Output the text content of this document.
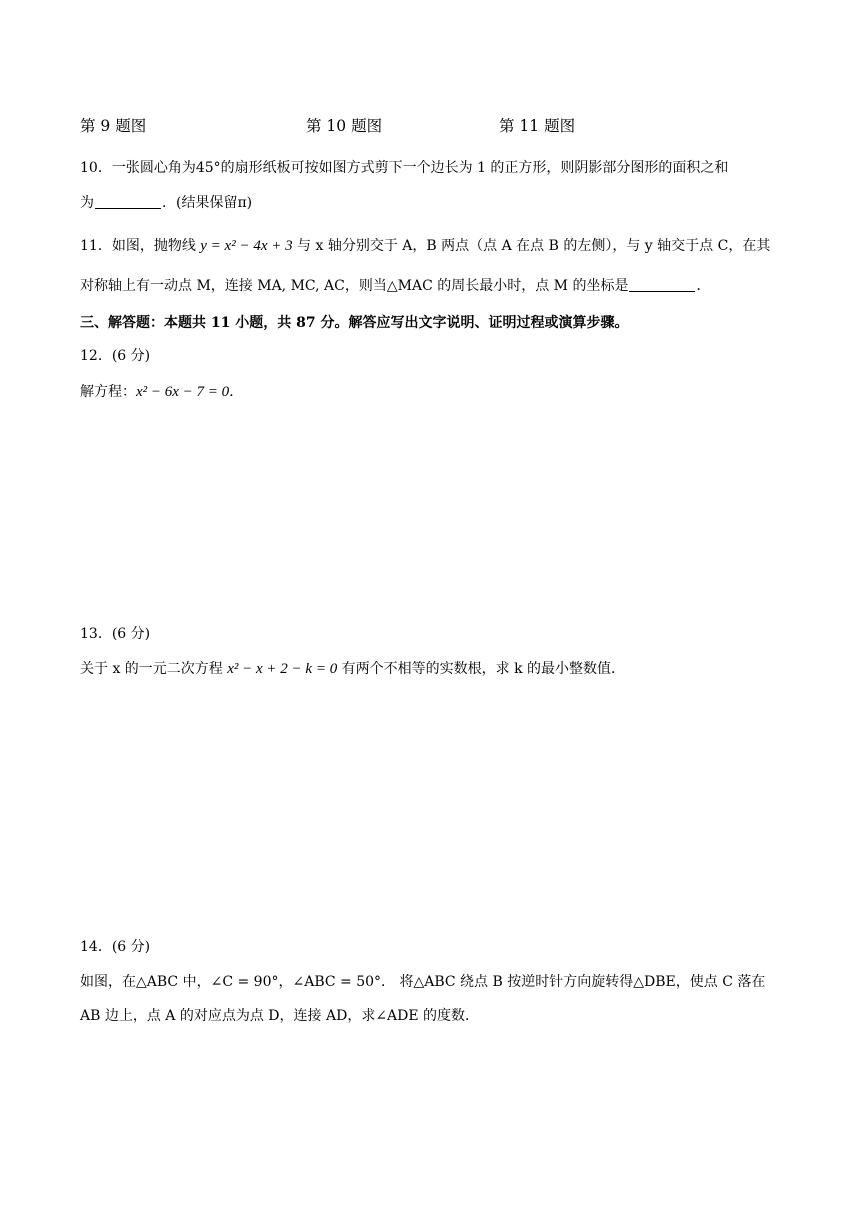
第 9 题图	第 10 题图	第 11 题图
10．一张圆心角为45°的扇形纸板可按如图方式剪下一个边长为 1 的正方形，则阴影部分图形的面积之和
为	．(结果保留π)
11．如图，抛物线 y = x² − 4x + 3 与 x 轴分别交于 A，B 两点（点 A 在点 B 的左侧），与 y 轴交于点 C，在其
对称轴上有一动点 M，连接 MA, MC, AC，则当△MAC 的周长最小时，点 M 的坐标是	．
三、解答题：本题共 11 小题，共 87 分。解答应写出文字说明、证明过程或演算步骤。
12．(6 分)
解方程：x² − 6x − 7 = 0．
13．(6 分)
关于 x 的一元二次方程 x² − x + 2 − k = 0 有两个不相等的实数根，求 k 的最小整数值．
14．(6 分)
如图，在△ABC 中，∠C = 90°，∠ABC = 50°． 将△ABC 绕点 B 按逆时针方向旋转得△DBE，使点 C 落在
AB 边上，点 A 的对应点为点 D，连接 AD，求∠ADE 的度数．
